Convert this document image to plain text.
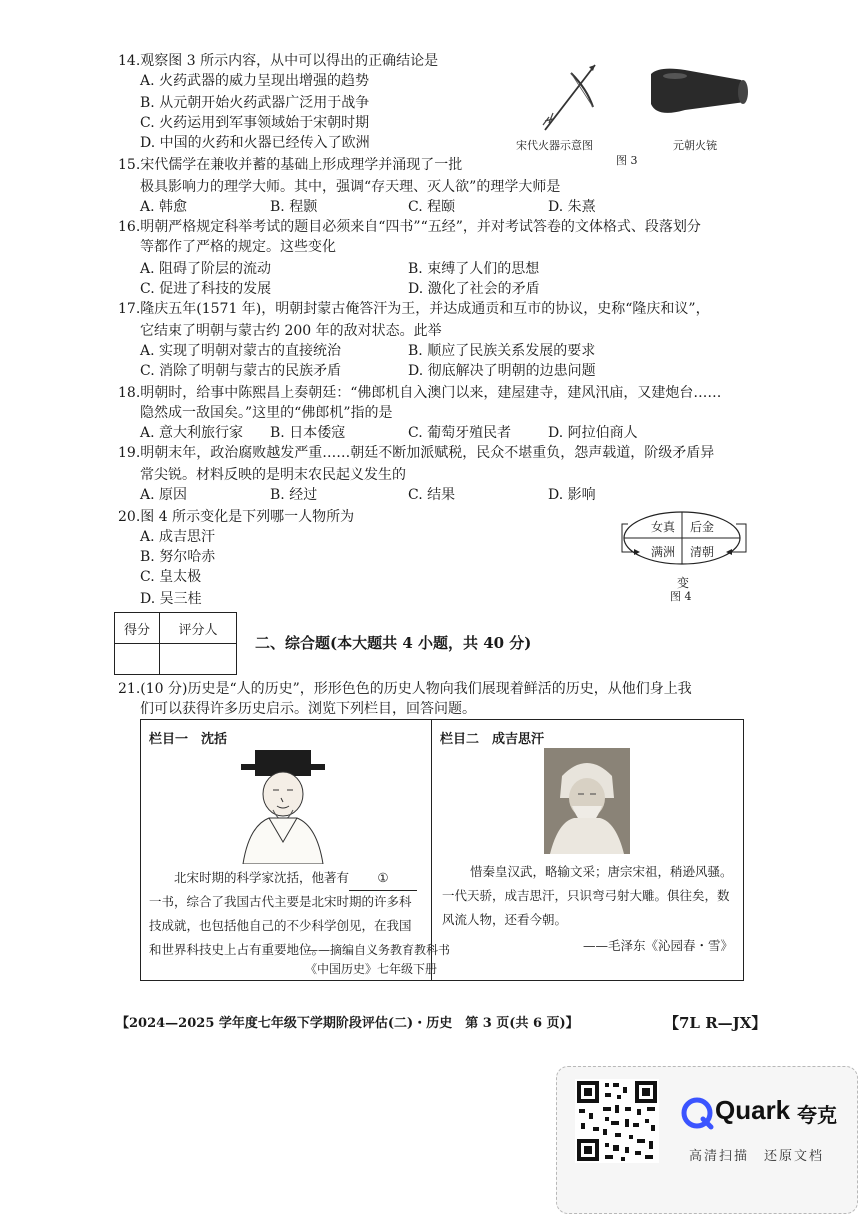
14.观察图 3 所示内容，从中可以得出的正确结论是
A. 火药武器的威力呈现出增强的趋势
B. 从元朝开始火药武器广泛用于战争
C. 火药运用到军事领域始于宋朝时期
D. 中国的火药和火器已经传入了欧洲	宋代火器示意图	元朝火铳
图 3
15.宋代儒学在兼收并蓄的基础上形成理学并涌现了一批
极具影响力的理学大师。其中，强调“存天理、灭人欲”的理学大师是
A. 韩愈	B. 程颢	C. 程颐	D. 朱熹
16.明朝严格规定科举考试的题目必须来自“四书”“五经”，并对考试答卷的文体格式、段落划分
等都作了严格的规定。这些变化
A. 阻碍了阶层的流动	B. 束缚了人们的思想
C. 促进了科技的发展	D. 激化了社会的矛盾
17.隆庆五年(1571 年)，明朝封蒙古俺答汗为王，并达成通贡和互市的协议，史称“隆庆和议”，
它结束了明朝与蒙古约 200 年的敌对状态。此举
A. 实现了明朝对蒙古的直接统治	B. 顺应了民族关系发展的要求
C. 消除了明朝与蒙古的民族矛盾	D. 彻底解决了明朝的边患问题
18.明朝时，给事中陈熙昌上奏朝廷：“佛郎机自入澳门以来，建屋建寺，建风汛庙，又建炮台……
隐然成一敌国矣。”这里的“佛郎机”指的是
A. 意大利旅行家 B. 日本倭寇	C. 葡萄牙殖民者	D. 阿拉伯商人
19.明朝末年，政治腐败越发严重……朝廷不断加派赋税，民众不堪重负，怨声载道，阶级矛盾异
常尖锐。材料反映的是明末农民起义发生的
A. 原因	B. 经过	C. 结果	D. 影响
20.图 4 所示变化是下列哪一人物所为
A. 成吉思汗
B. 努尔哈赤
C. 皇太极
D. 吴三桂
女真 后金
满洲 清朝
变
图 4
得分	评分人

二、综合题(本大题共 4 小题，共 40 分)
21.(10 分)历史是“人的历史”，形形色色的历史人物向我们展现着鲜活的历史，从他们身上我
们可以获得许多历史启示。浏览下列栏目，回答问题。
栏目一　沈括
北宋时期的科学家沈括，他著有 ①
一书，综合了我国古代主要是北宋时期的许多科
技成就，也包括他自己的不少科学创见，在我国
和世界科技史上占有重要地位。
——摘编自义务教育教科书
《中国历史》七年级下册
栏目二　成吉思汗
惜秦皇汉武，略输文采；唐宗宋祖，稍逊风骚。
一代天骄，成吉思汗，只识弯弓射大雕。俱往矣，数
风流人物，还看今朝。
——毛泽东《沁园春・雪》
【2024—2025 学年度七年级下学期阶段评估(二)・历史　第 3 页(共 6 页)】	【7L R—JX】
Quark 夸克
高清扫描　还原文档
